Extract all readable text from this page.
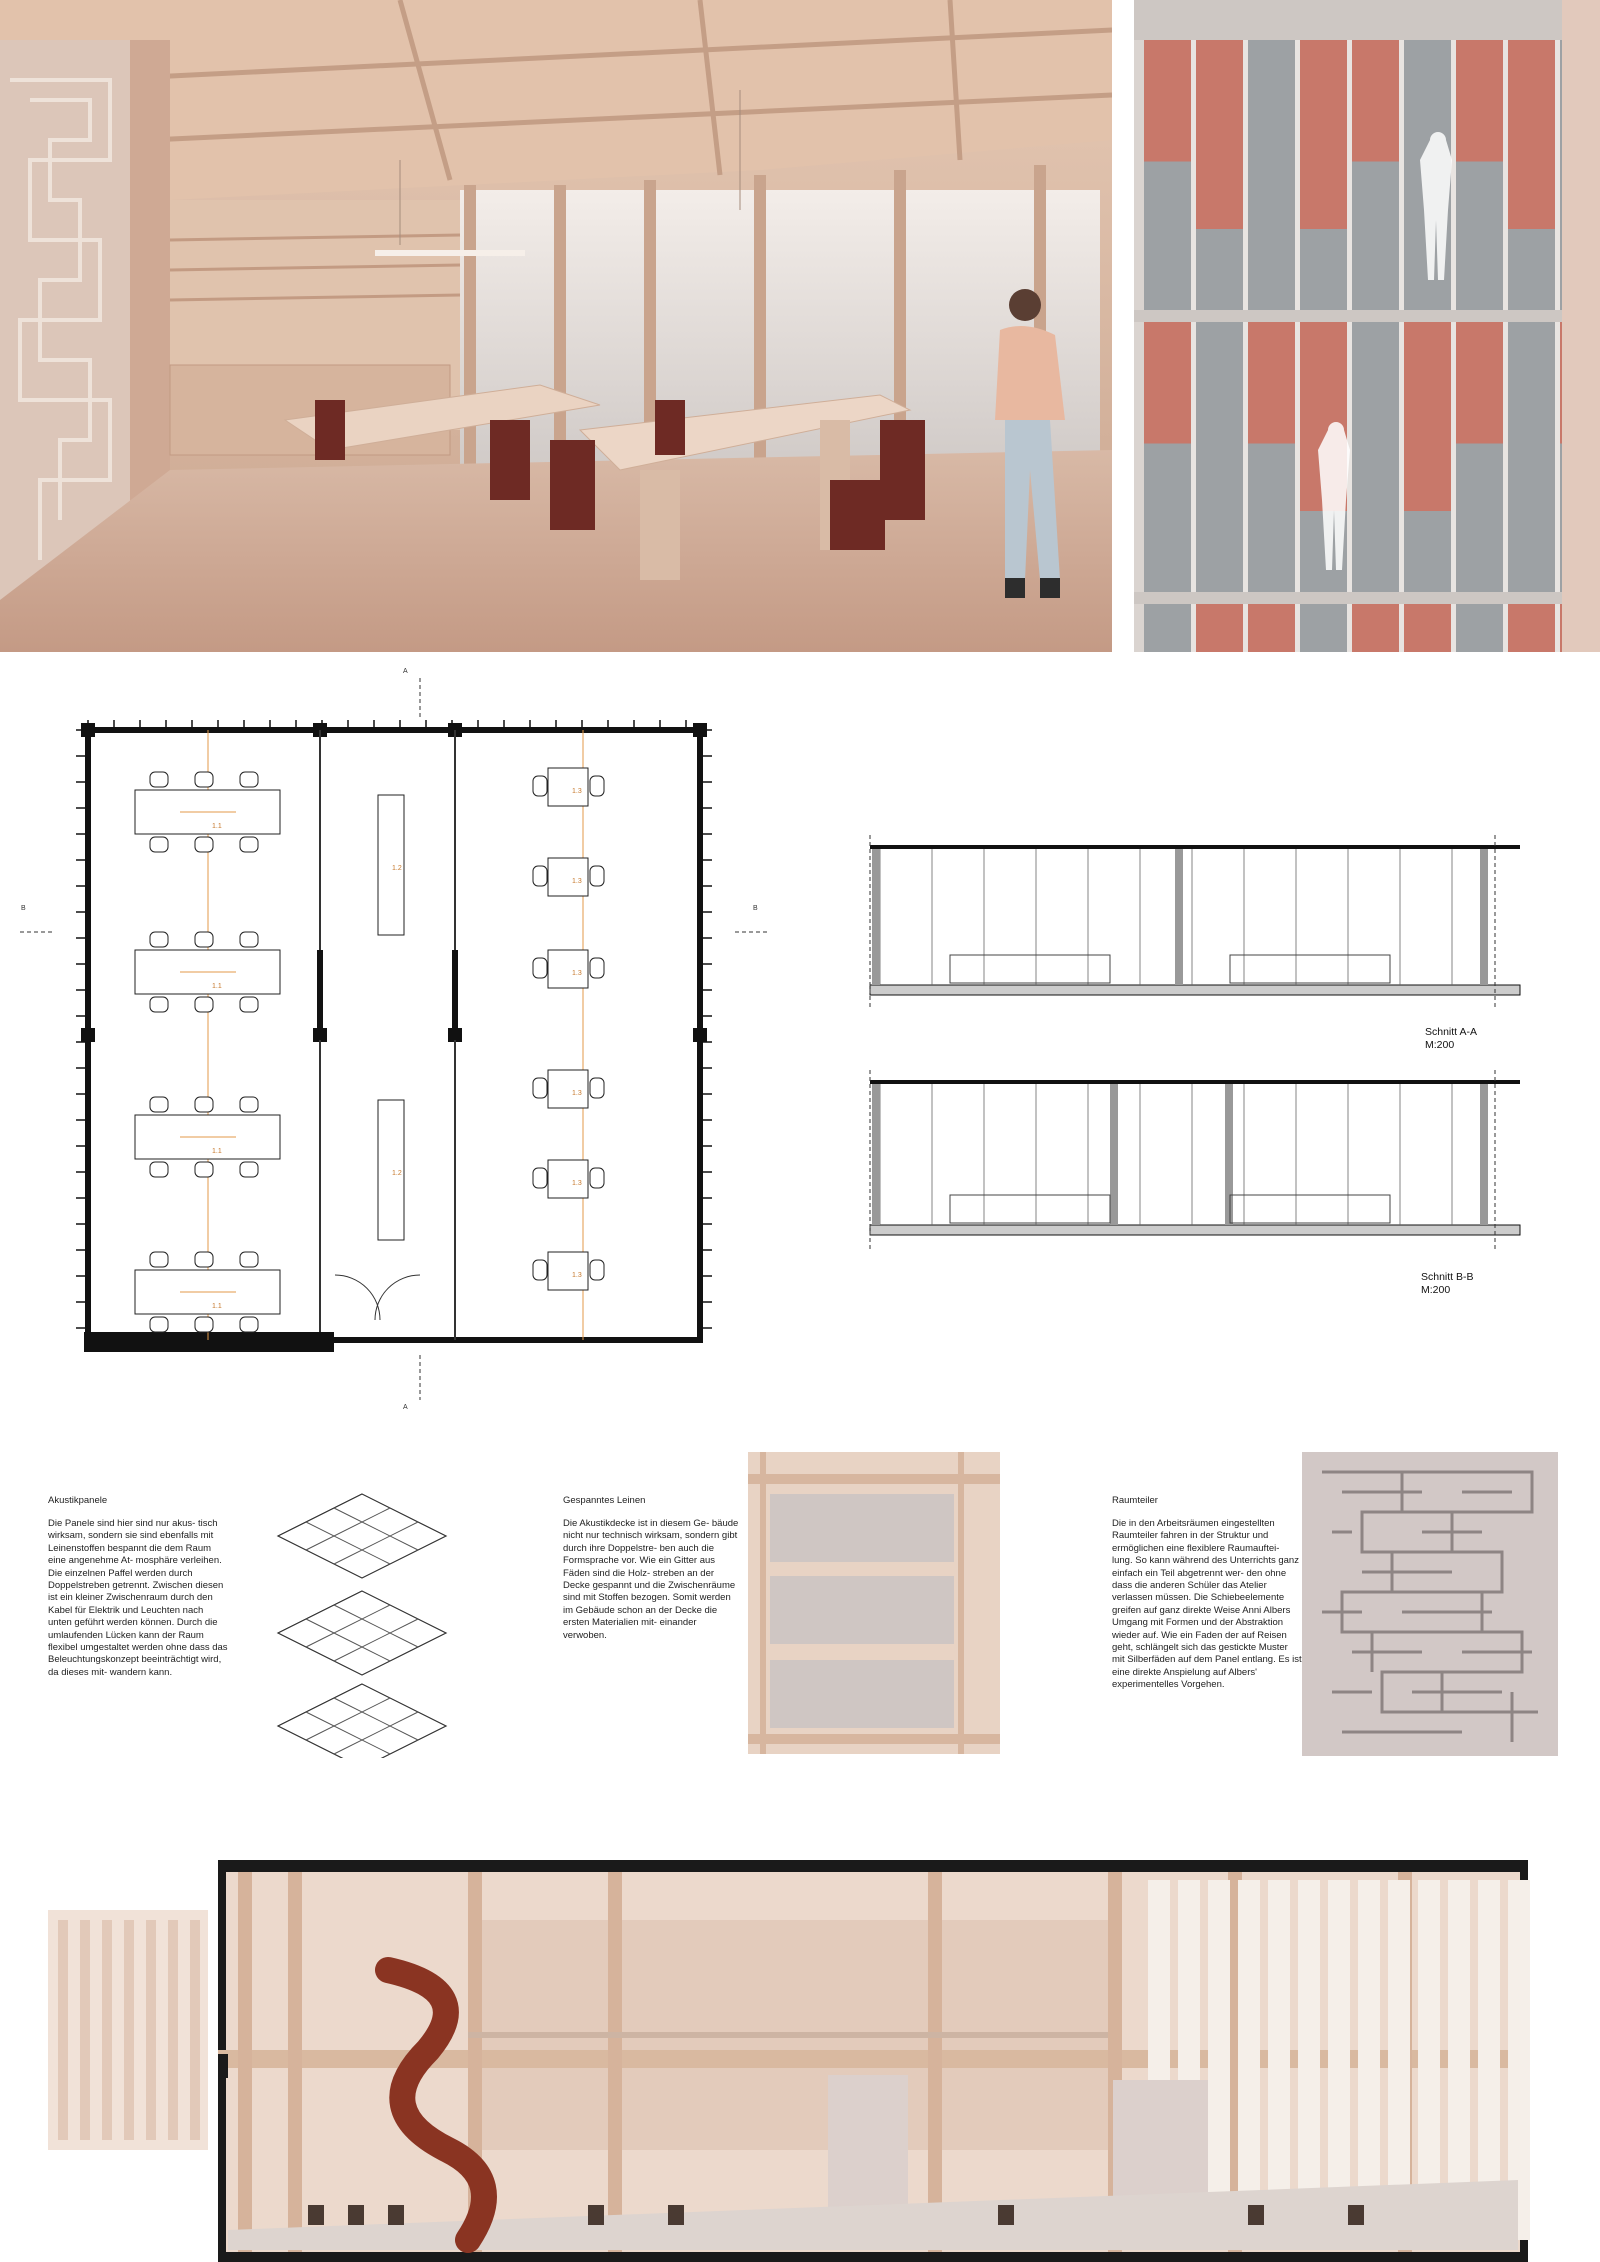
1.1
1.1
1.1
1.1
1.2
1.2
1.3
1.3
1.3
1.3
1.3
1.3
A
A
B	B
Schnitt A-A
M:200
Schnitt B-B
M:200
Akustikpanele

Die Panele sind hier sind nur akus- tisch wirksam, sondern sie sind ebenfalls mit Leinenstoffen bespannt die dem Raum eine angenehme At- mosphäre verleihen. Die einzelnen Paffel werden durch Doppelstreben getrennt. Zwischen diesen ist ein kleiner Zwischenraum durch den Kabel für Elektrik und Leuchten nach unten geführt werden können. Durch die umlaufenden Lücken kann der Raum flexibel umgestaltet werden ohne dass das Beleuchtungskonzept beeinträchtigt wird, da dieses mit- wandern kann.

Gespanntes Leinen

Die Akustikdecke ist in diesem Ge- bäude nicht nur technisch wirksam, sondern gibt durch ihre Doppelstre- ben auch die Formsprache vor. Wie ein Gitter aus Fäden sind die Holz- streben an der Decke gespannt und die Zwischenräume sind mit Stoffen bezogen. Somit werden im Gebäude schon an der Decke die ersten Materialien mit- einander verwoben.

Raumteiler

Die in den Arbeitsräumen eingestellten Raumteiler fahren in der Struktur und ermöglichen eine flexiblere Raumauftei- lung. So kann während des Unterrichts ganz einfach ein Teil abgetrennt wer- den ohne dass die anderen Schüler das Atelier verlassen müssen. Die Schiebeelemente greifen auf ganz direkte Weise Anni Albers Umgang mit Formen und der Abstraktion wieder auf. Wie ein Faden der auf Reisen geht, schlängelt sich das gestickte Muster mit Silberfäden auf dem Panel entlang. Es ist eine direkte Anspielung auf Albers' experimentelles Vorgehen.
